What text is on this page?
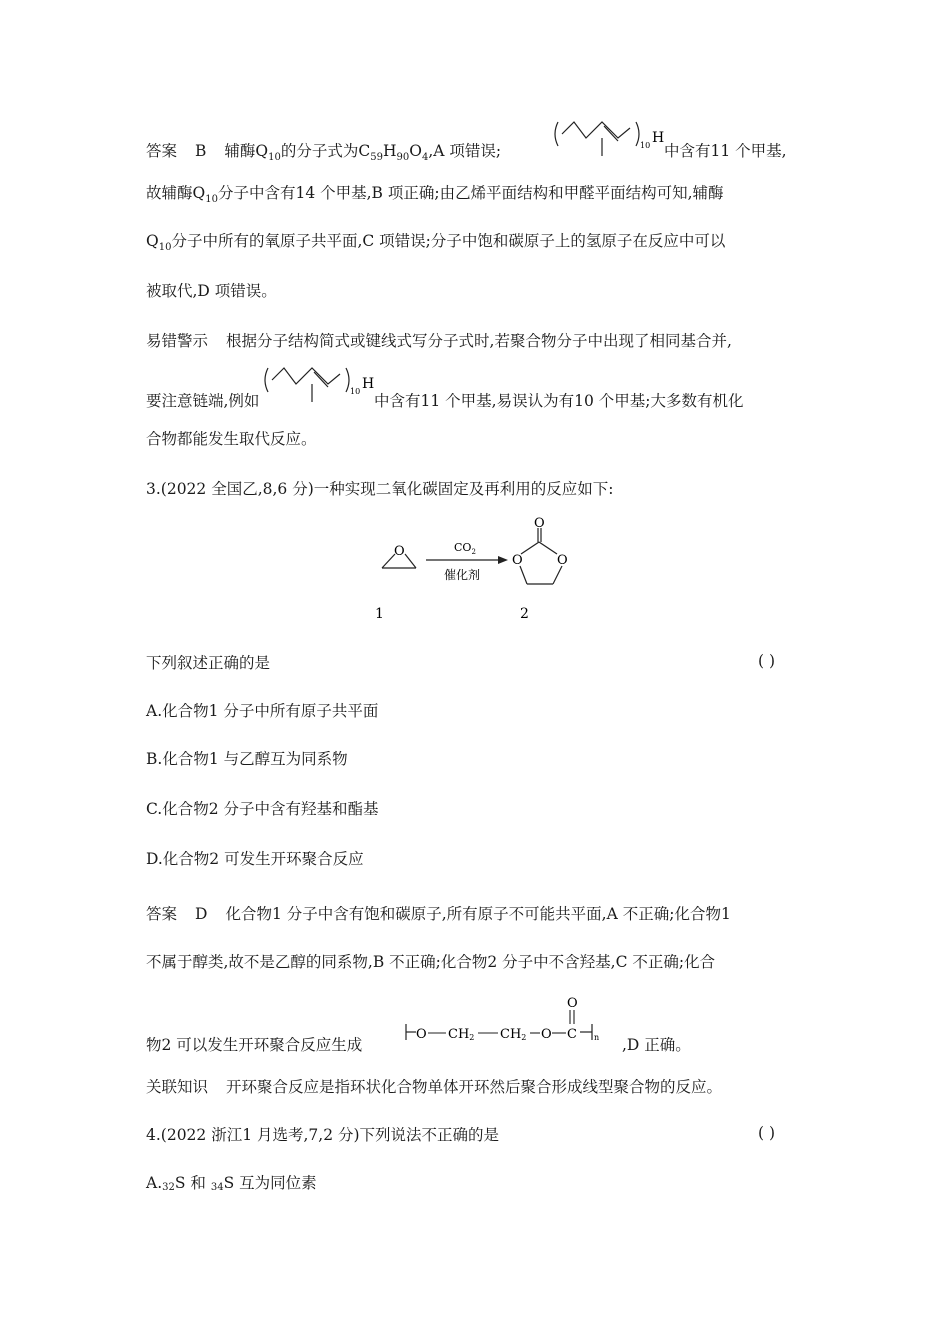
答案 B 辅酶$Q_{10}$的分子式为$C_{59}H_{90}O_4,A$ 项错误;	10 H
中含有11 个甲基,
故辅酶$Q_{10}$分子中含有14 个甲基,B 项正确;由乙烯平面结构和甲醛平面结构可知,辅酶
$Q_{10}$分子中所有的氧原子共平面,C 项错误;分子中饱和碳原子上的氢原子在反应中可以
被取代,D 项错误。
易错警示 根据分子结构简式或键线式写分子式时,若聚合物分子中出现了相同基合并,
要注意链端,例如
10 H
中含有11 个甲基,易误认为有10 个甲基;大多数有机化
合物都能发生取代反应。
3.(2022 全国乙,8,6 分)一种实现二氧化碳固定及再利用的反应如下:
O	$CO_2$
催化剂
O
O	O
1	2
下列叙述正确的是	( )
A.化合物1 分子中所有原子共平面
B.化合物1 与乙醇互为同系物
C.化合物2 分子中含有羟基和酯基
D.化合物2 可发生开环聚合反应
答案 D 化合物1 分子中含有饱和碳原子,所有原子不可能共平面,A 不正确;化合物1
不属于醇类,故不是乙醇的同系物,B 不正确;化合物2 分子中不含羟基,C 不正确;化合
物2 可以发生开环聚合反应生成
O CH2 CH2 O C
O
n ,D 正确。
关联知识 开环聚合反应是指环状化合物单体开环然后聚合形成线型聚合物的反应。
4.(2022 浙江1 月选考,7,2 分)下列说法不正确的是	( )
A.$^{32}$S 和 $^{34}$S 互为同位素
